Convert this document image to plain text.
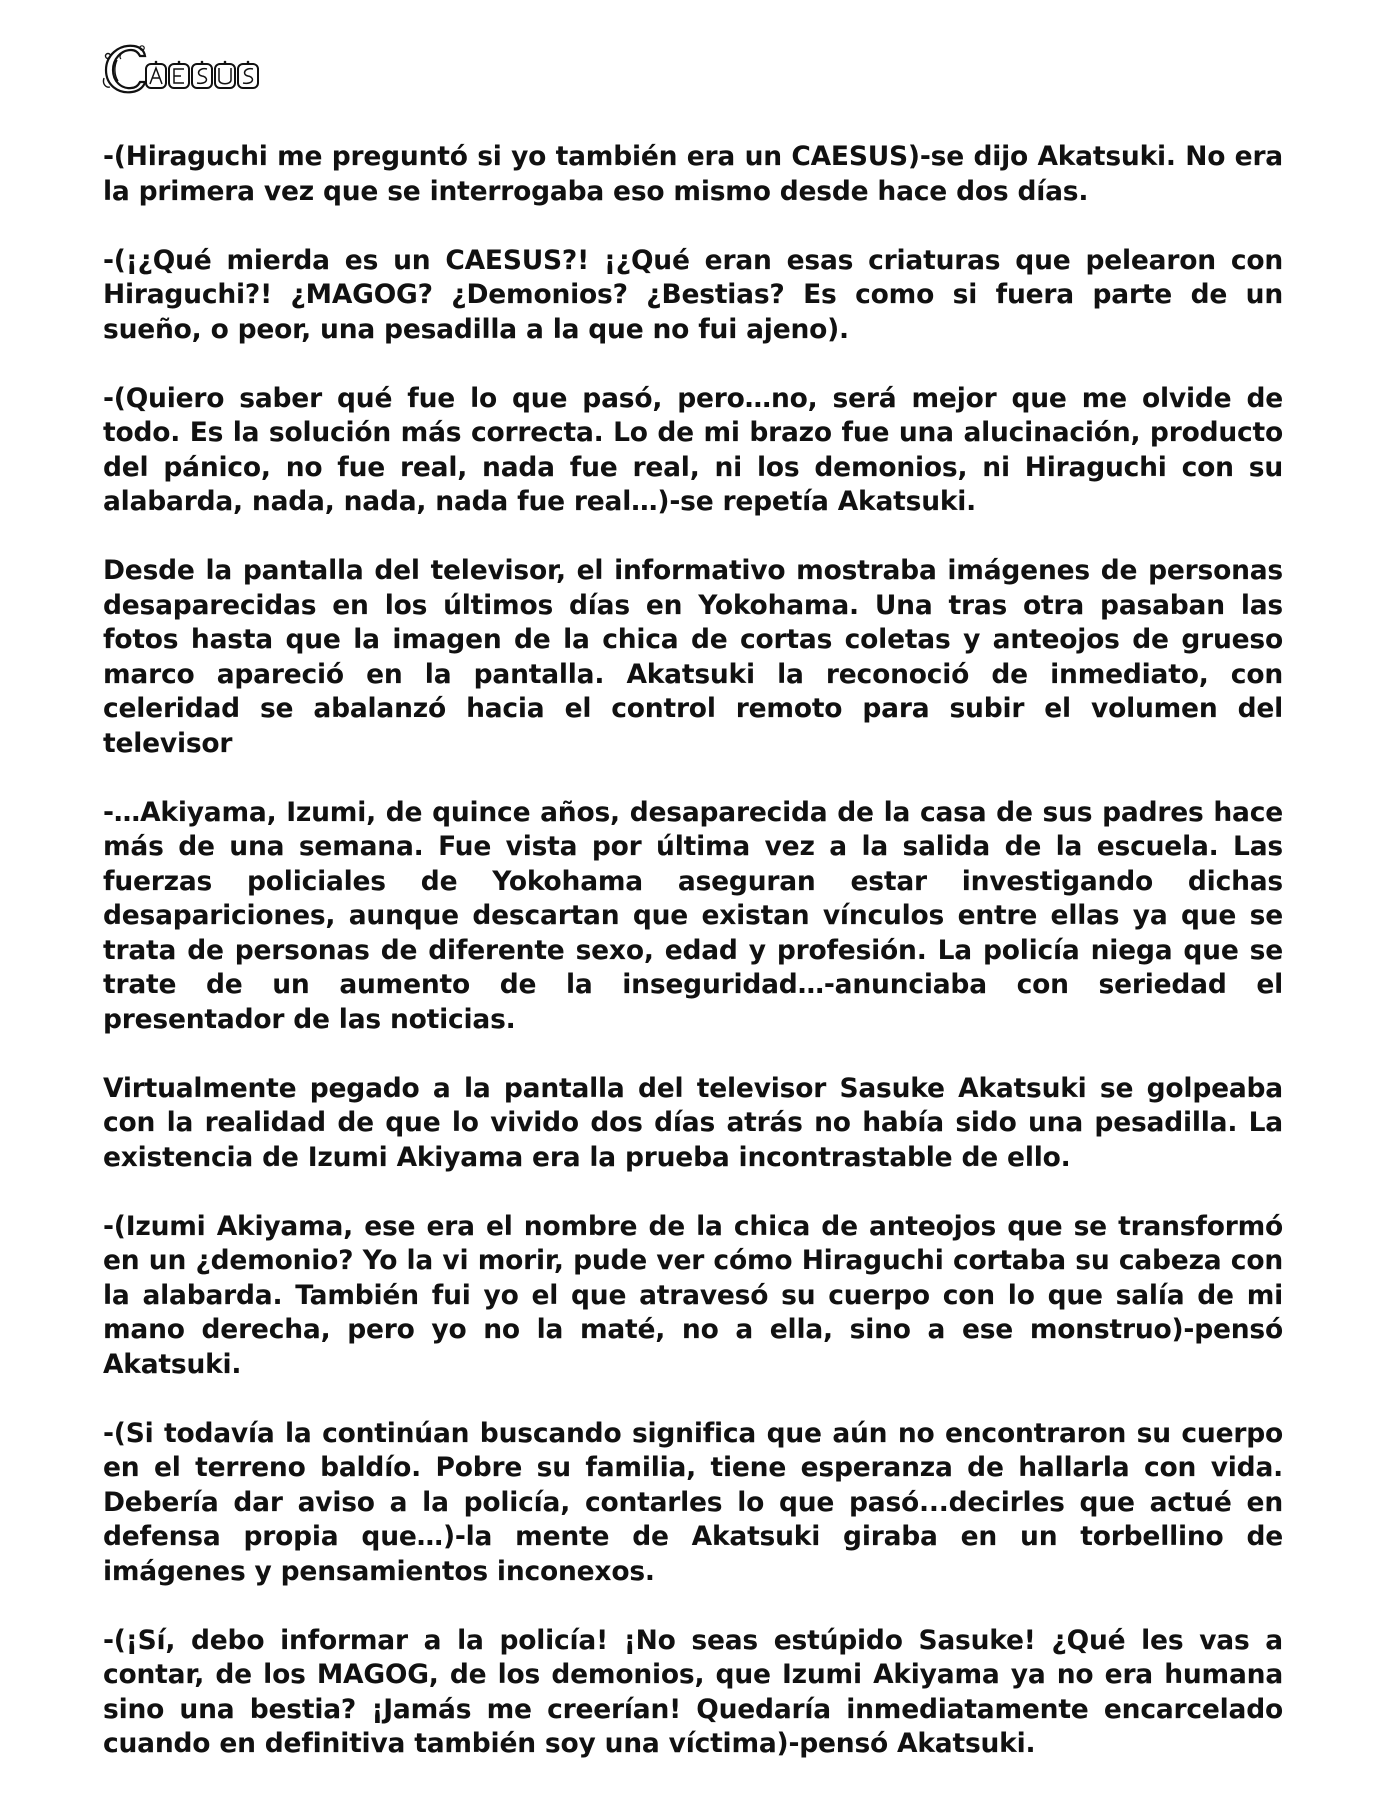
-(Hiraguchi me preguntó si yo también era un CAESUS)-se dijo Akatsuki. No era la primera vez que se interrogaba eso mismo desde hace dos días.

-(¡¿Qué mierda es un CAESUS?! ¡¿Qué eran esas criaturas que pelearon con Hiraguchi?! ¿MAGOG? ¿Demonios? ¿Bestias? Es como si fuera parte de un sueño, o peor, una pesadilla a la que no fui ajeno).

-(Quiero saber qué fue lo que pasó, pero…no, será mejor que me olvide de todo. Es la solución más correcta. Lo de mi brazo fue una alucinación, producto del pánico, no fue real, nada fue real, ni los demonios, ni Hiraguchi con su alabarda, nada, nada, nada fue real…)-se repetía Akatsuki.

Desde la pantalla del televisor, el informativo mostraba imágenes de personas desaparecidas en los últimos días en Yokohama. Una tras otra pasaban las fotos hasta que la imagen de la chica de cortas coletas y anteojos de grueso marco apareció en la pantalla. Akatsuki la reconoció de inmediato, con celeridad se abalanzó hacia el control remoto para subir el volumen del televisor

-…Akiyama, Izumi, de quince años, desaparecida de la casa de sus padres hace más de una semana. Fue vista por última vez a la salida de la escuela. Las fuerzas policiales de Yokohama aseguran estar investigando dichas desapariciones, aunque descartan que existan vínculos entre ellas ya que se trata de personas de diferente sexo, edad y profesión. La policía niega que se trate de un aumento de la inseguridad…-anunciaba con seriedad el presentador de las noticias.

Virtualmente pegado a la pantalla del televisor Sasuke Akatsuki se golpeaba con la realidad de que lo vivido dos días atrás no había sido una pesadilla. La existencia de Izumi Akiyama era la prueba incontrastable de ello.

-(Izumi Akiyama, ese era el nombre de la chica de anteojos que se transformó en un ¿demonio? Yo la vi morir, pude ver cómo Hiraguchi cortaba su cabeza con la alabarda. También fui yo el que atravesó su cuerpo con lo que salía de mi mano derecha, pero yo no la maté, no a ella, sino a ese monstruo)-pensó Akatsuki.

-(Si todavía la continúan buscando significa que aún no encontraron su cuerpo en el terreno baldío. Pobre su familia, tiene esperanza de hallarla con vida. Debería dar aviso a la policía, contarles lo que pasó...decirles que actué en defensa propia que…)-la mente de Akatsuki giraba en un torbellino de imágenes y pensamientos inconexos.

-(¡Sí, debo informar a la policía! ¡No seas estúpido Sasuke! ¿Qué les vas a contar, de los MAGOG, de los demonios, que Izumi Akiyama ya no era humana sino una bestia? ¡Jamás me creerían! Quedaría inmediatamente encarcelado cuando en definitiva también soy una víctima)-pensó Akatsuki.
